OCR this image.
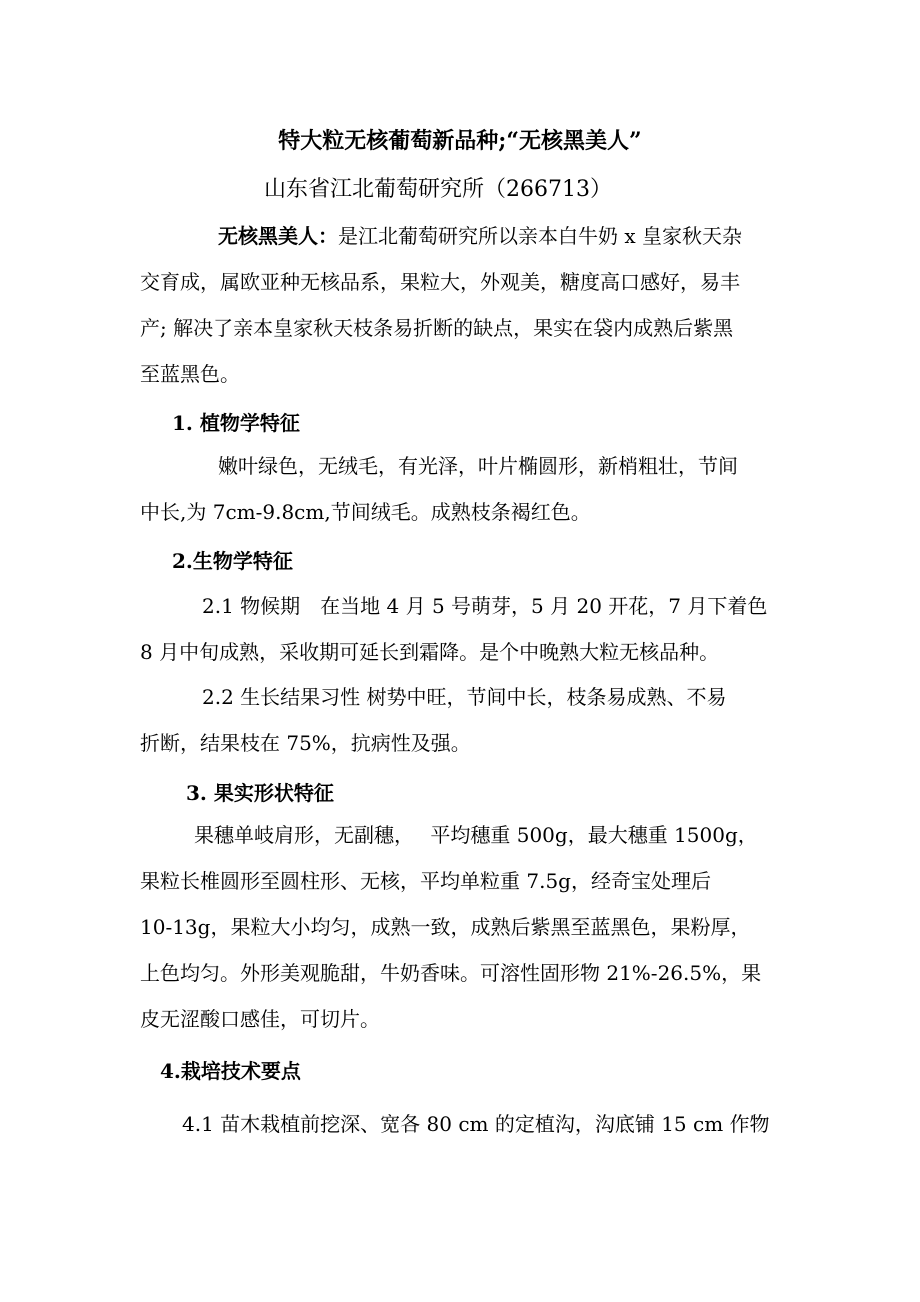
特大粒无核葡萄新品种;“无核黑美人”
山东省江北葡萄研究所（266713）
无核黑美人：是江北葡萄研究所以亲本白牛奶 x 皇家秋天杂
交育成，属欧亚种无核品系，果粒大，外观美，糖度高口感好，易丰
产; 解决了亲本皇家秋天枝条易折断的缺点，果实在袋内成熟后紫黑
至蓝黑色。
1. 植物学特征
嫩叶绿色，无绒毛，有光泽，叶片椭圆形，新梢粗壮，节间
中长,为 7cm-9.8cm,节间绒毛。成熟枝条褐红色。
2.生物学特征
2.1 物候期　在当地 4 月 5 号萌芽，5 月 20 开花，7 月下着色
8 月中旬成熟，采收期可延长到霜降。是个中晚熟大粒无核品种。
2.2 生长结果习性 树势中旺，节间中长，枝条易成熟、不易
折断，结果枝在 75%，抗病性及强。
3. 果实形状特征
果穗单岐肩形，无副穗，　 平均穗重 500g，最大穗重 1500g，
果粒长椎圆形至圆柱形、无核，平均单粒重 7.5g，经奇宝处理后
10-13g，果粒大小均匀，成熟一致，成熟后紫黑至蓝黑色，果粉厚，
上色均匀。外形美观脆甜，牛奶香味。可溶性固形物 21%-26.5%，果
皮无涩酸口感佳，可切片。
4.栽培技术要点
4.1 苗木栽植前挖深、宽各 80 cm 的定植沟，沟底铺 15 cm 作物
